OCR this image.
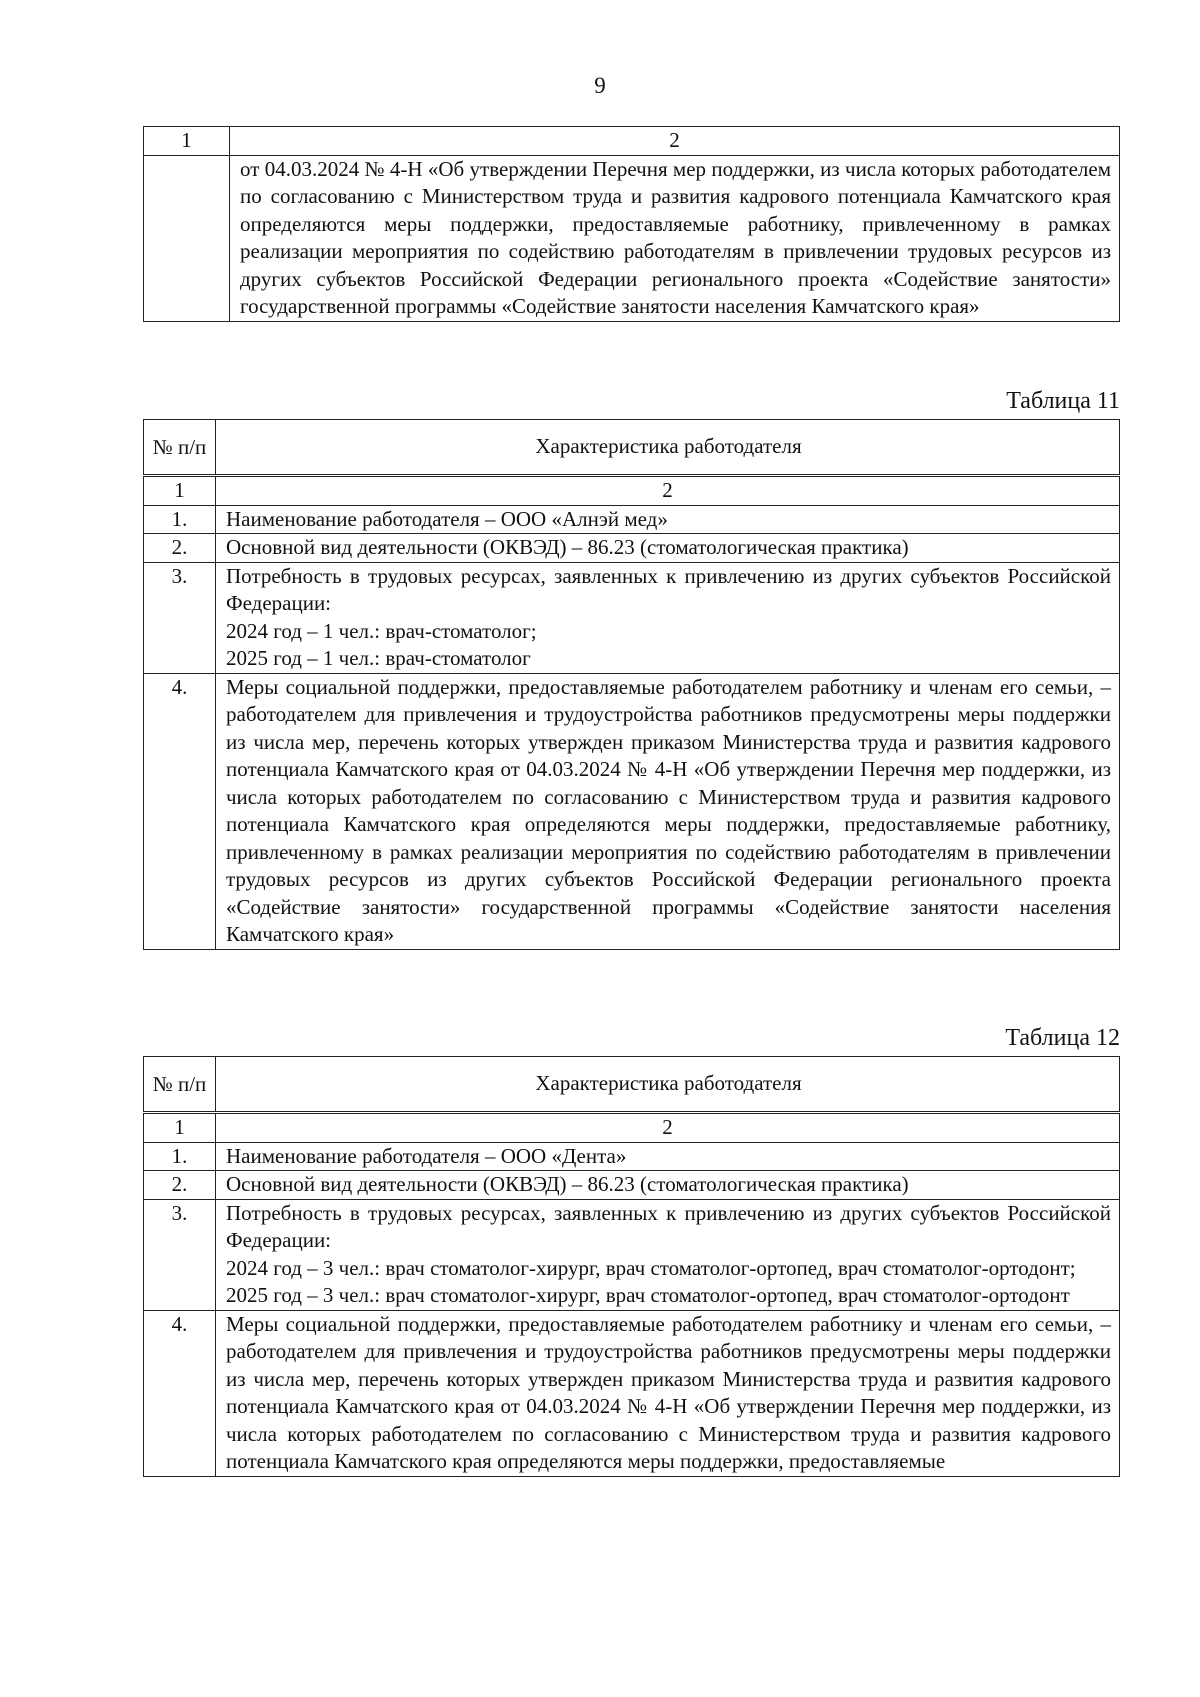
9
1	2
	от 04.03.2024 № 4-Н «Об утверждении Перечня мер поддержки, из числа которых работодателем по согласованию с Министерством труда и развития кадрового потенциала Камчатского края определяются меры поддержки, предоставляемые работнику, привлеченному в рамках реализации мероприятия по содействию работодателям в привлечении трудовых ресурсов из других субъектов Российской Федерации регионального проекта «Содействие занятости» государственной программы «Содействие занятости населения Камчатского края»
Таблица 11
№ п/п	Характеристика работодателя
1	2
1.	Наименование работодателя – ООО «Алнэй мед»
2.	Основной вид деятельности (ОКВЭД) – 86.23 (стоматологическая практика)
3.	Потребность в трудовых ресурсах, заявленных к привлечению из других субъектов Российской Федерации:
2024 год – 1 чел.: врач-стоматолог;
2025 год – 1 чел.: врач-стоматолог

4.	Меры социальной поддержки, предоставляемые работодателем работнику и членам его семьи, – работодателем для привлечения и трудоустройства работников предусмотрены меры поддержки из числа мер, перечень которых утвержден приказом Министерства труда и развития кадрового потенциала Камчатского края от 04.03.2024 № 4-Н «Об утверждении Перечня мер поддержки, из числа которых работодателем по согласованию с Министерством труда и развития кадрового потенциала Камчатского края определяются меры поддержки, предоставляемые работнику, привлеченному в рамках реализации мероприятия по содействию работодателям в привлечении трудовых ресурсов из других субъектов Российской Федерации регионального проекта «Содействие занятости» государственной программы «Содействие занятости населения Камчатского края»
Таблица 12
№ п/п	Характеристика работодателя
1	2
1.	Наименование работодателя – ООО «Дента»
2.	Основной вид деятельности (ОКВЭД) – 86.23 (стоматологическая практика)
3.	Потребность в трудовых ресурсах, заявленных к привлечению из других субъектов Российской Федерации:
2024 год – 3 чел.: врач стоматолог-хирург, врач стоматолог-ортопед, врач стоматолог-ортодонт;
2025 год – 3 чел.: врач стоматолог-хирург, врач стоматолог-ортопед, врач стоматолог-ортодонт

4.	Меры социальной поддержки, предоставляемые работодателем работнику и членам его семьи, – работодателем для привлечения и трудоустройства работников предусмотрены меры поддержки из числа мер, перечень которых утвержден приказом Министерства труда и развития кадрового потенциала Камчатского края от 04.03.2024 № 4-Н «Об утверждении Перечня мер поддержки, из числа которых работодателем по согласованию с Министерством труда и развития кадрового потенциала Камчатского края определяются меры поддержки, предоставляемые
